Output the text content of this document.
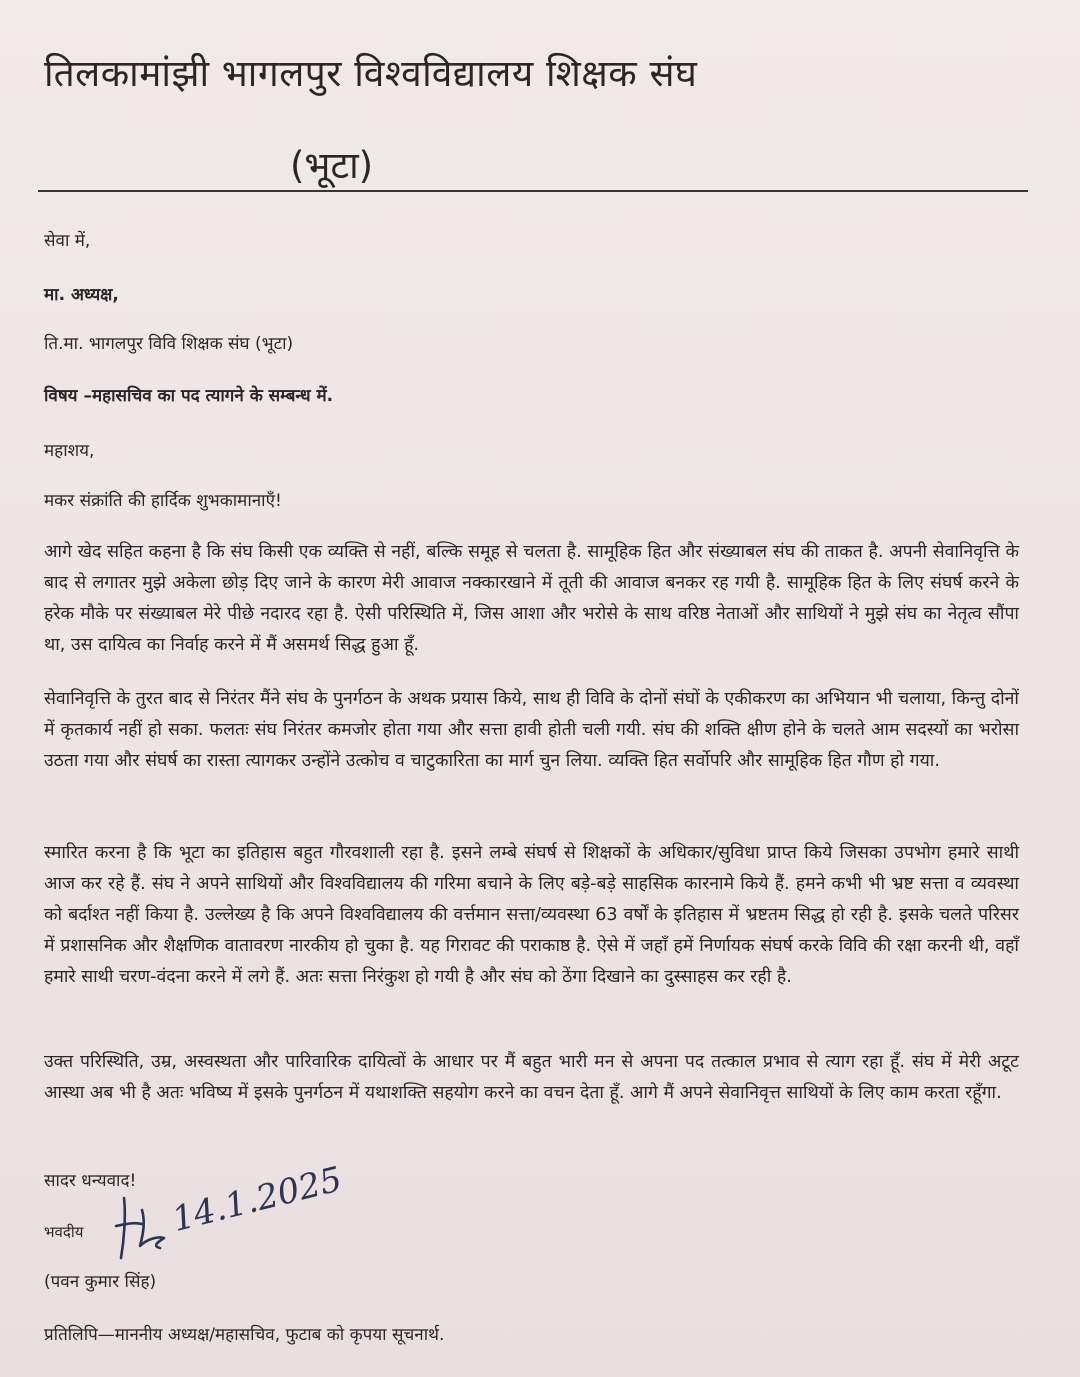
तिलकामांझी भागलपुर विश्वविद्यालय शिक्षक संघ
(भूटा)
सेवा में,
मा. अध्यक्ष,
ति.मा. भागलपुर विवि शिक्षक संघ (भूटा)
विषय –महासचिव का पद त्यागने के सम्बन्ध में.
महाशय,
मकर संक्रांति की हार्दिक शुभकामानाएँ!
आगे खेद सहित कहना है कि संघ किसी एक व्यक्ति से नहीं, बल्कि समूह से चलता है. सामूहिक हित और संख्याबल संघ की ताकत है. अपनी सेवानिवृत्ति के बाद से लगातर मुझे अकेला छोड़ दिए जाने के कारण मेरी आवाज नक्कारखाने में तूती की आवाज बनकर रह गयी है. सामूहिक हित के लिए संघर्ष करने के हरेक मौके पर संख्याबल मेरे पीछे नदारद रहा है. ऐसी परिस्थिति में, जिस आशा और भरोसे के साथ वरिष्ठ नेताओं और साथियों ने मुझे संघ का नेतृत्व सौंपा था, उस दायित्व का निर्वाह करने में मैं असमर्थ सिद्ध हुआ हूँ.
सेवानिवृत्ति के तुरत बाद से निरंतर मैंने संघ के पुनर्गठन के अथक प्रयास किये, साथ ही विवि के दोनों संघों के एकीकरण का अभियान भी चलाया, किन्तु दोनों में कृतकार्य नहीं हो सका. फलतः संघ निरंतर कमजोर होता गया और सत्ता हावी होती चली गयी. संघ की शक्ति क्षीण होने के चलते आम सदस्यों का भरोसा उठता गया और संघर्ष का रास्ता त्यागकर उन्होंने उत्कोच व चाटुकारिता का मार्ग चुन लिया. व्यक्ति हित सर्वोपरि और सामूहिक हित गौण हो गया.
स्मारित करना है कि भूटा का इतिहास बहुत गौरवशाली रहा है. इसने लम्बे संघर्ष से शिक्षकों के अधिकार/सुविधा प्राप्त किये जिसका उपभोग हमारे साथी आज कर रहे हैं. संघ ने अपने साथियों और विश्वविद्यालय की गरिमा बचाने के लिए बड़े-बड़े साहसिक कारनामे किये हैं. हमने कभी भी भ्रष्ट सत्ता व व्यवस्था को बर्दाश्त नहीं किया है. उल्लेख्य है कि अपने विश्वविद्यालय की वर्त्तमान सत्ता/व्यवस्था 63 वर्षों के इतिहास में भ्रष्टतम सिद्ध हो रही है. इसके चलते परिसर में प्रशासनिक और शैक्षणिक वातावरण नारकीय हो चुका है. यह गिरावट की पराकाष्ठ है. ऐसे में जहाँ हमें निर्णायक संघर्ष करके विवि की रक्षा करनी थी, वहाँ हमारे साथी चरण-वंदना करने में लगे हैं. अतः सत्ता निरंकुश हो गयी है और संघ को ठेंगा दिखाने का दुस्साहस कर रही है.
उक्त परिस्थिति, उम्र, अस्वस्थता और पारिवारिक दायित्वों के आधार पर मैं बहुत भारी मन से अपना पद तत्काल प्रभाव से त्याग रहा हूँ. संघ में मेरी अटूट आस्था अब भी है अतः भविष्य में इसके पुनर्गठन में यथाशक्ति सहयोग करने का वचन देता हूँ. आगे मैं अपने सेवानिवृत्त साथियों के लिए काम करता रहूँगा.
सादर धन्यवाद!
भवदीय 14.1.2025
(पवन कुमार सिंह)
प्रतिलिपि—माननीय अध्यक्ष/महासचिव, फुटाब को कृपया सूचनार्थ.
